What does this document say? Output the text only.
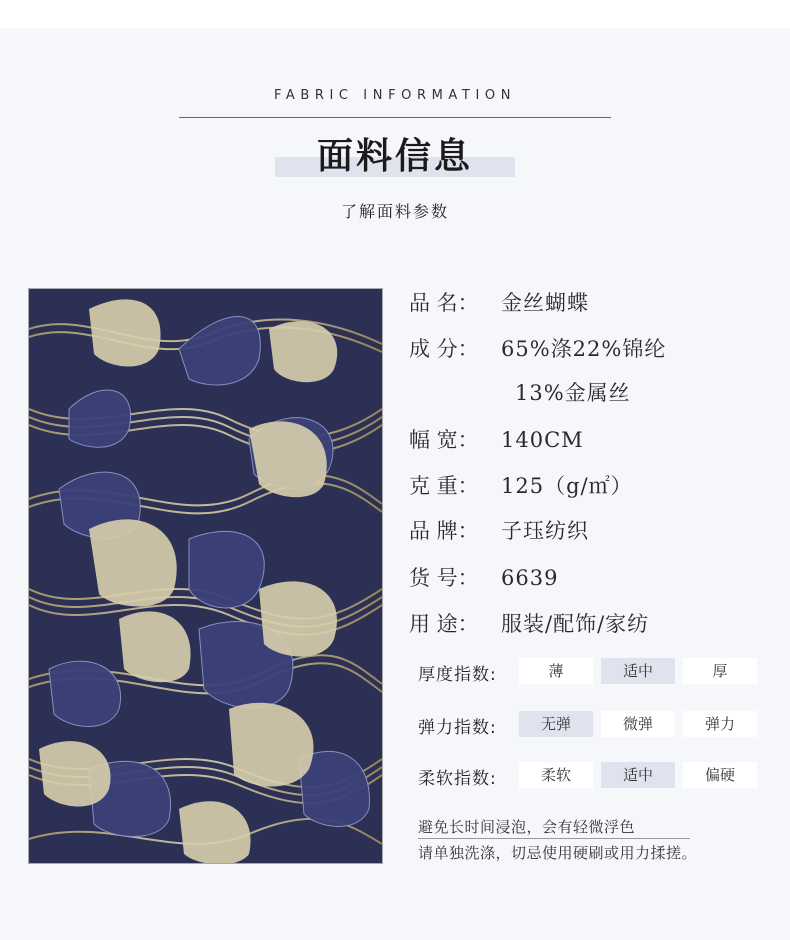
FABRIC INFORMATION
面料信息
了解面料参数
品 名： 金丝蝴蝶
成 分： 65%涤22%锦纶
13%金属丝
幅 宽： 140CM
克 重： 125（g/㎡）
品 牌： 子珏纺织
货 号： 6639
用 途： 服装/配饰/家纺
厚度指数:	薄	适中	厚
弹力指数:	无弹	微弹	弹力
柔软指数:	柔软	适中	偏硬
避免长时间浸泡，会有轻微浮色
请单独洗涤，切忌使用硬刷或用力揉搓。
